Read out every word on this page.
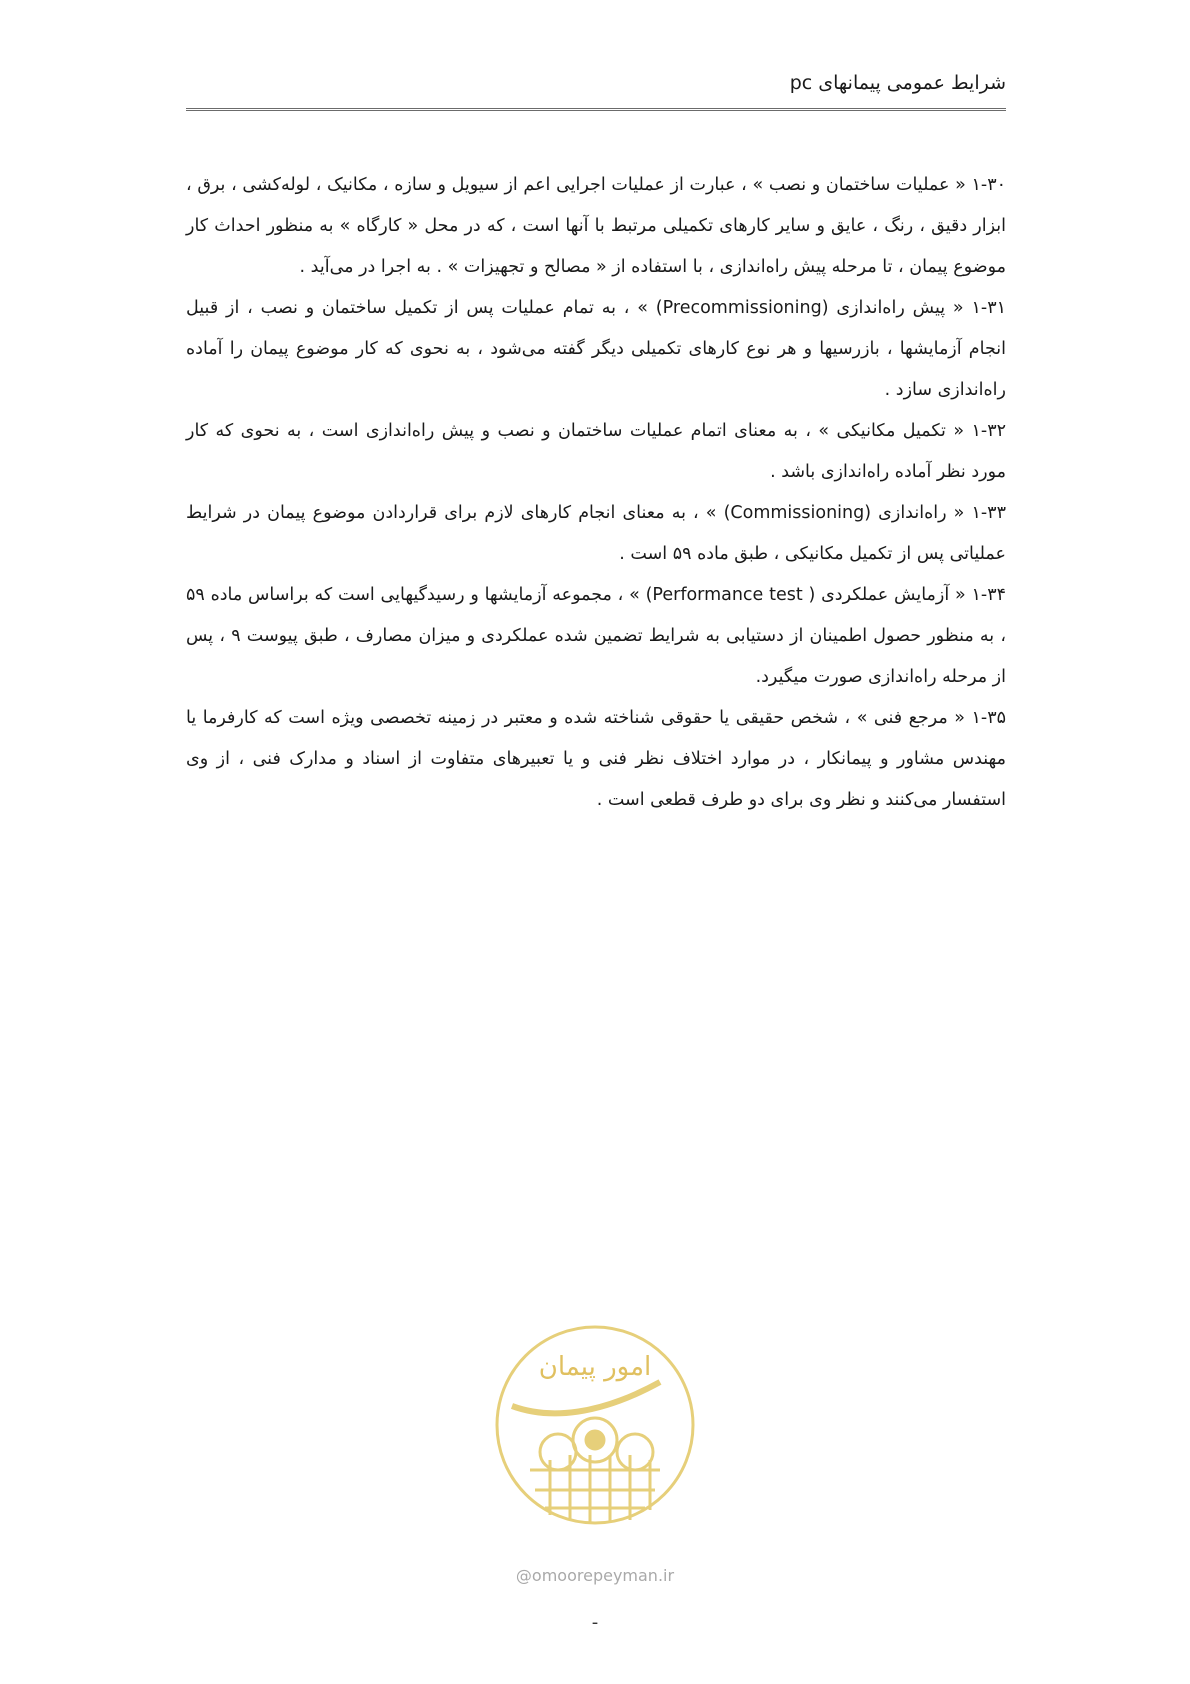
شرایط عمومی پیمانهای pc

۱-۳۰ « عملیات ساختمان و نصب » ، عبارت از عملیات اجرایی اعم از سیویل و سازه ، مکانیک ، لوله‌کشی ، برق ، ابزار دقیق ، رنگ ، عایق و سایر کارهای تکمیلی مرتبط با آنها است ، که در محل « کارگاه » به منظور احداث کار موضوع پیمان ، تا مرحله پیش راه‌اندازی ، با استفاده از « مصالح و تجهیزات » . به اجرا در می‌آید .

۱-۳۱ « پیش راه‌اندازی (Precommissioning) » ، به تمام عملیات پس از تکمیل ساختمان و نصب ، از قبیل انجام آزمایشها ، بازرسیها و هر نوع کارهای تکمیلی دیگر گفته می‌شود ، به نحوی که کار موضوع پیمان را آماده راه‌اندازی سازد .

۱-۳۲ « تکمیل مکانیکی » ، به معنای اتمام عملیات ساختمان و نصب و پیش راه‌اندازی است ، به نحوی که کار مورد نظر آماده راه‌اندازی باشد .

۱-۳۳ « راه‌اندازی (Commissioning) » ، به معنای انجام کارهای لازم برای قراردادن موضوع پیمان در شرایط عملیاتی پس از تکمیل مکانیکی ، طبق ماده ۵۹ است .

۱-۳۴ « آزمایش عملکردی ( Performance test) » ، مجموعه آزمایشها و رسیدگیهایی است که براساس ماده ۵۹ ، به منظور حصول اطمینان از دستیابی به شرایط تضمین شده عملکردی و میزان مصارف ، طبق پیوست ۹ ، پس از مرحله راه‌اندازی صورت میگیرد.

۱-۳۵ « مرجع فنی » ، شخص حقیقی یا حقوقی شناخته شده و معتبر در زمینه تخصصی ویژه است که کارفرما یا مهندس مشاور و پیمانکار ، در موارد اختلاف نظر فنی و یا تعبیرهای متفاوت از اسناد و مدارک فنی ، از وی استفسار می‌کنند و نظر وی برای دو طرف قطعی است .

امور پیمان
@omoorepeyman.ir
-
